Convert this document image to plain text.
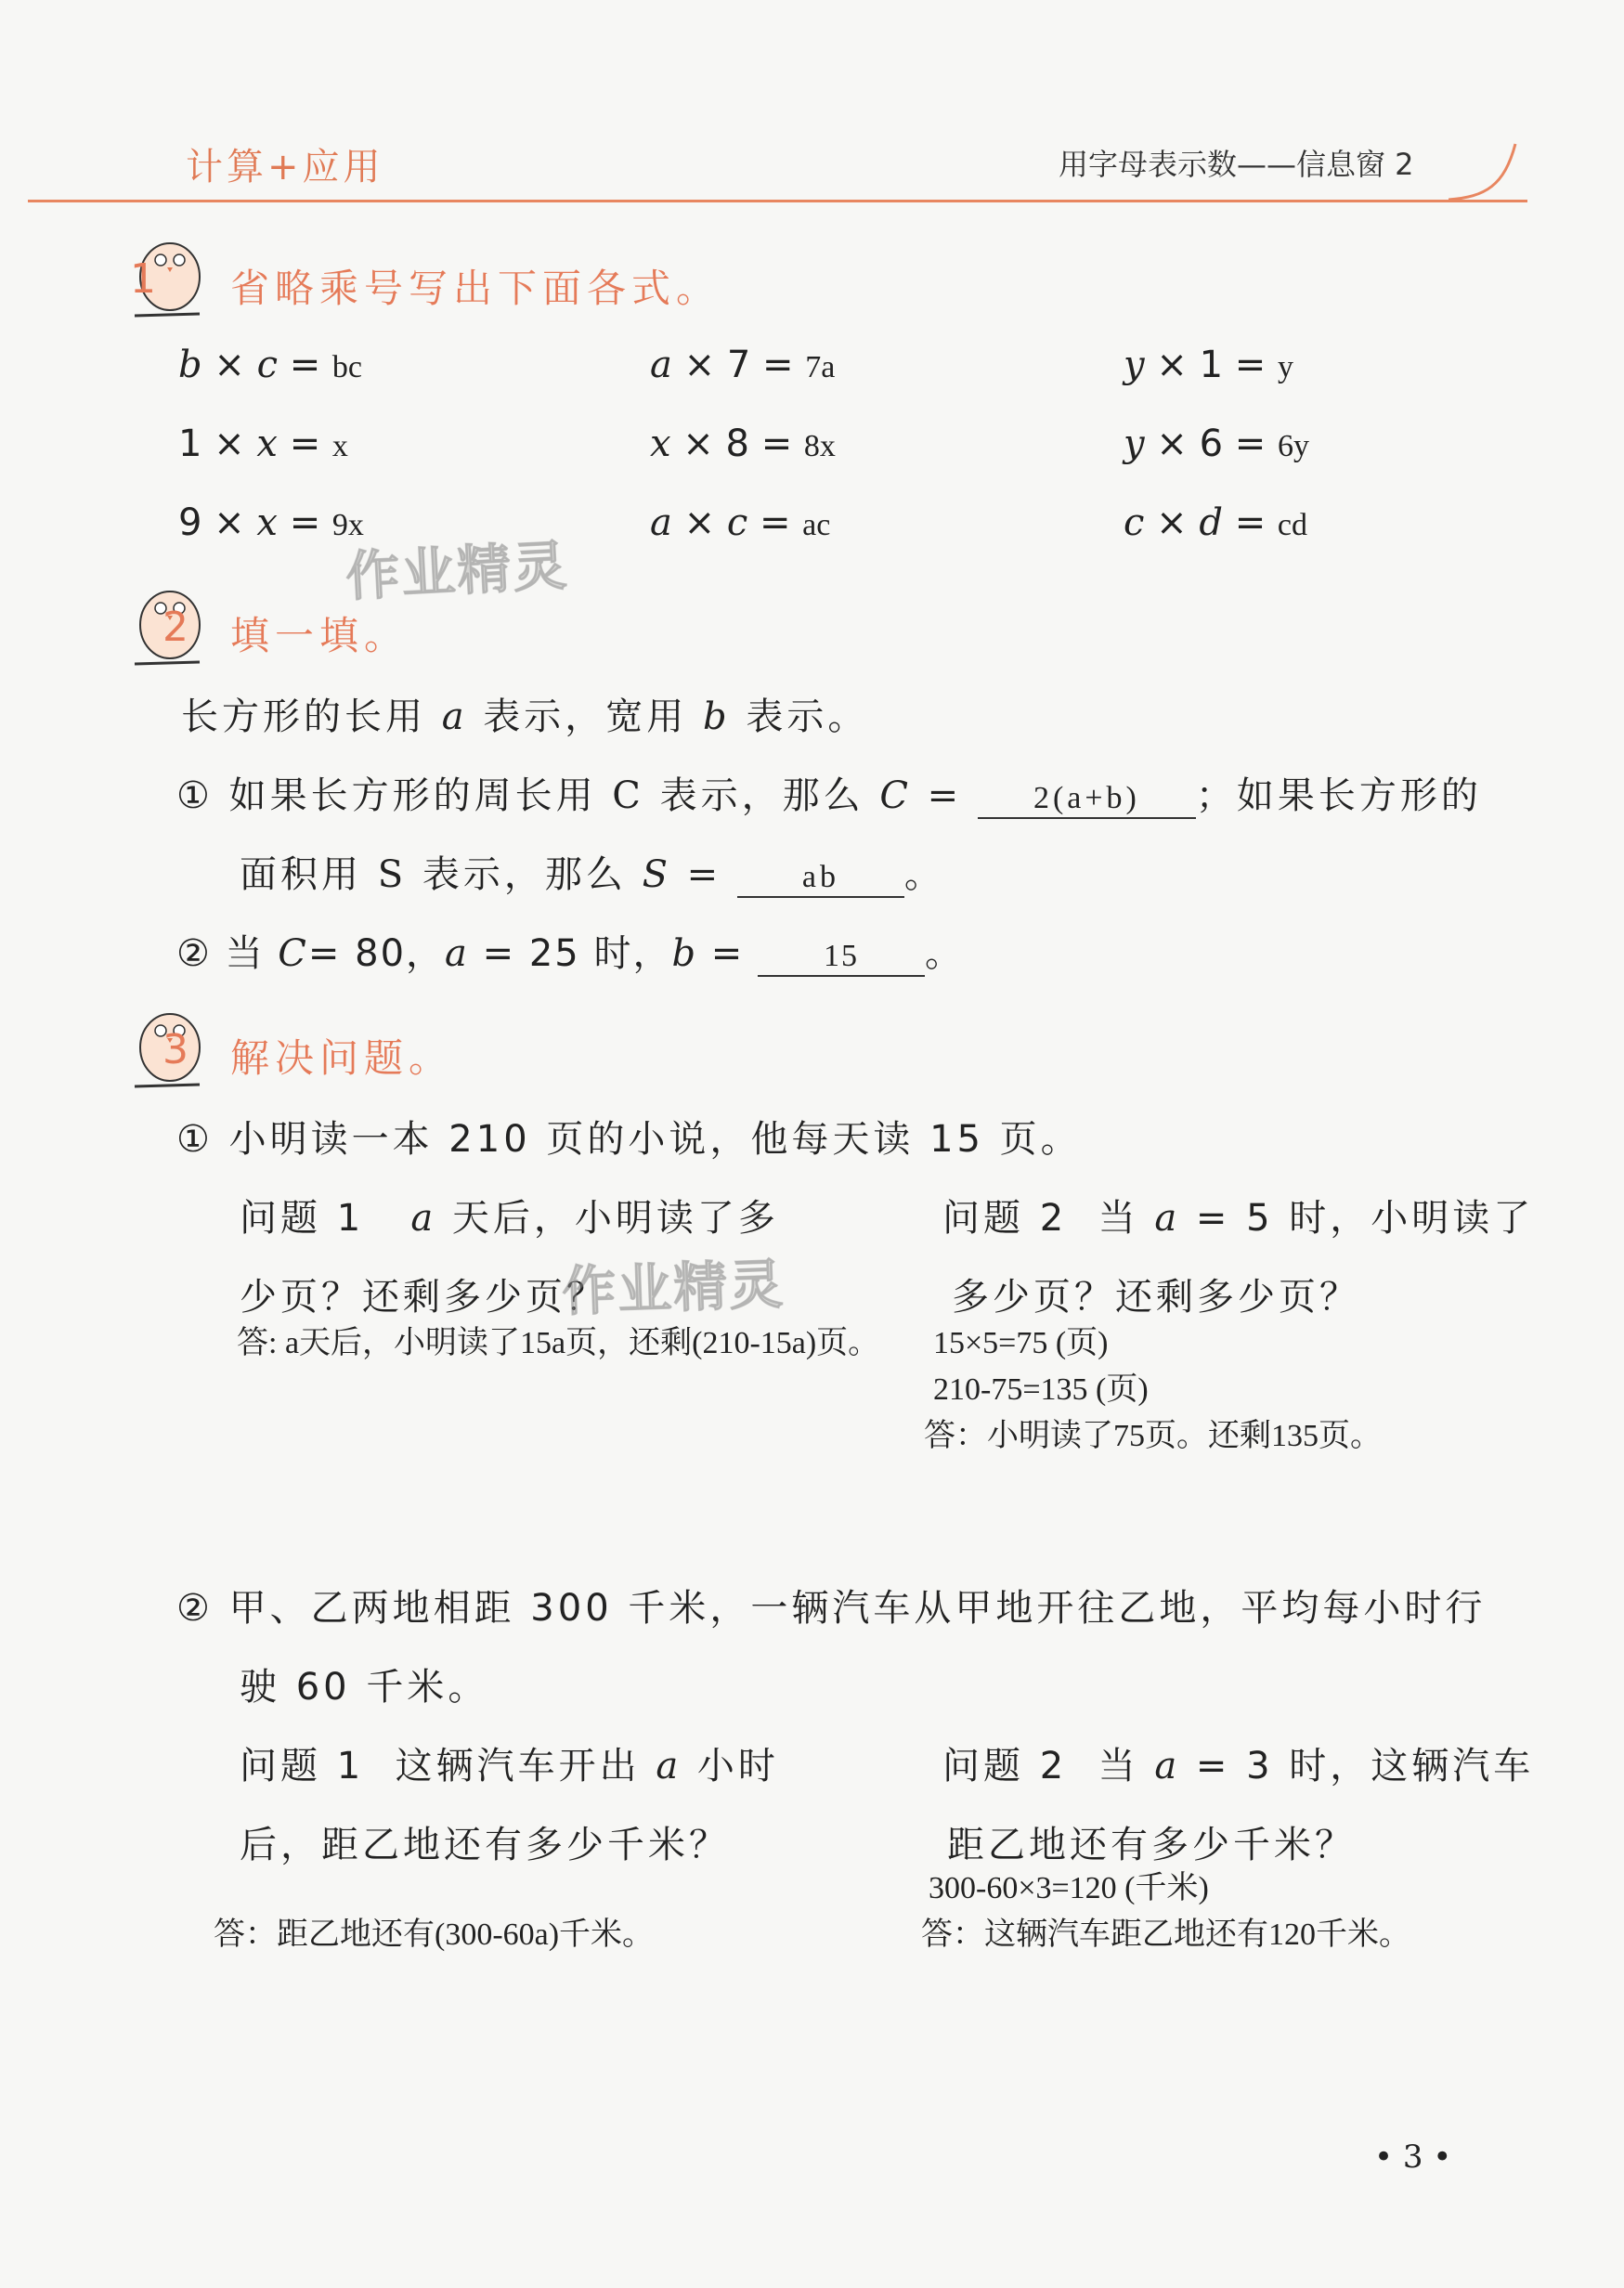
计算+应用	用字母表示数——信息窗 2
1 省略乘号写出下面各式。
b × c = bc	a × 7 = 7a	y × 1 = y
1 × x = x	x × 8 = 8x	y × 6 = 6y
9 × x = 9x	a × c = ac	c × d = cd
作业精灵
2 填一填。
长方形的长用 a 表示，宽用 b 表示。
① 如果长方形的周长用 C 表示，那么 C = 2(a+b) ；如果长方形的
面积用 S 表示，那么 S =	ab 。
② 当 C= 80，a = 25 时，b =	15 。
3 解决问题。
① 小明读一本 210 页的小说，他每天读 15 页。
问题 1 a 天后，小明读了多
少页？还剩多少页？
作业精灵
问题 2 当 a = 5 时，小明读了
多少页？还剩多少页？
答: a天后，小明读了15a页，还剩(210-15a)页。 15×5=75 (页)
210-75=135 (页)
答：小明读了75页。还剩135页。
② 甲、乙两地相距 300 千米，一辆汽车从甲地开往乙地，平均每小时行
驶 60 千米。
问题 1 这辆汽车开出 a 小时
后，距乙地还有多少千米？
问题 2 当 a = 3 时，这辆汽车
距乙地还有多少千米？
300-60×3=120 (千米)
答：距乙地还有(300-60a)千米。	答：这辆汽车距乙地还有120千米。
• 3 •
